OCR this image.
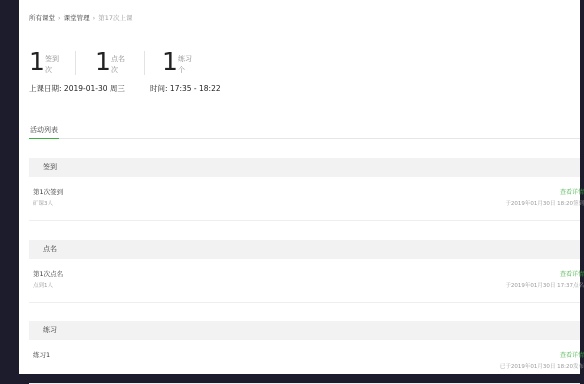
所有课堂 › 课堂管理 › 第17次上课
1 签到
次 1 点名
次 1 练习
个
上课日期: 2019-01-30 周三	时间: 17:35 - 18:22
活动列表
签到
第1次签到
矿课3人
查看详情
于2019年01月30日 18:20签到
点名
第1次点名
点到1人
查看详情
于2019年01月30日 17:37点名
练习
练习1	查看详情
已于2019年01月30日 18:20发布
